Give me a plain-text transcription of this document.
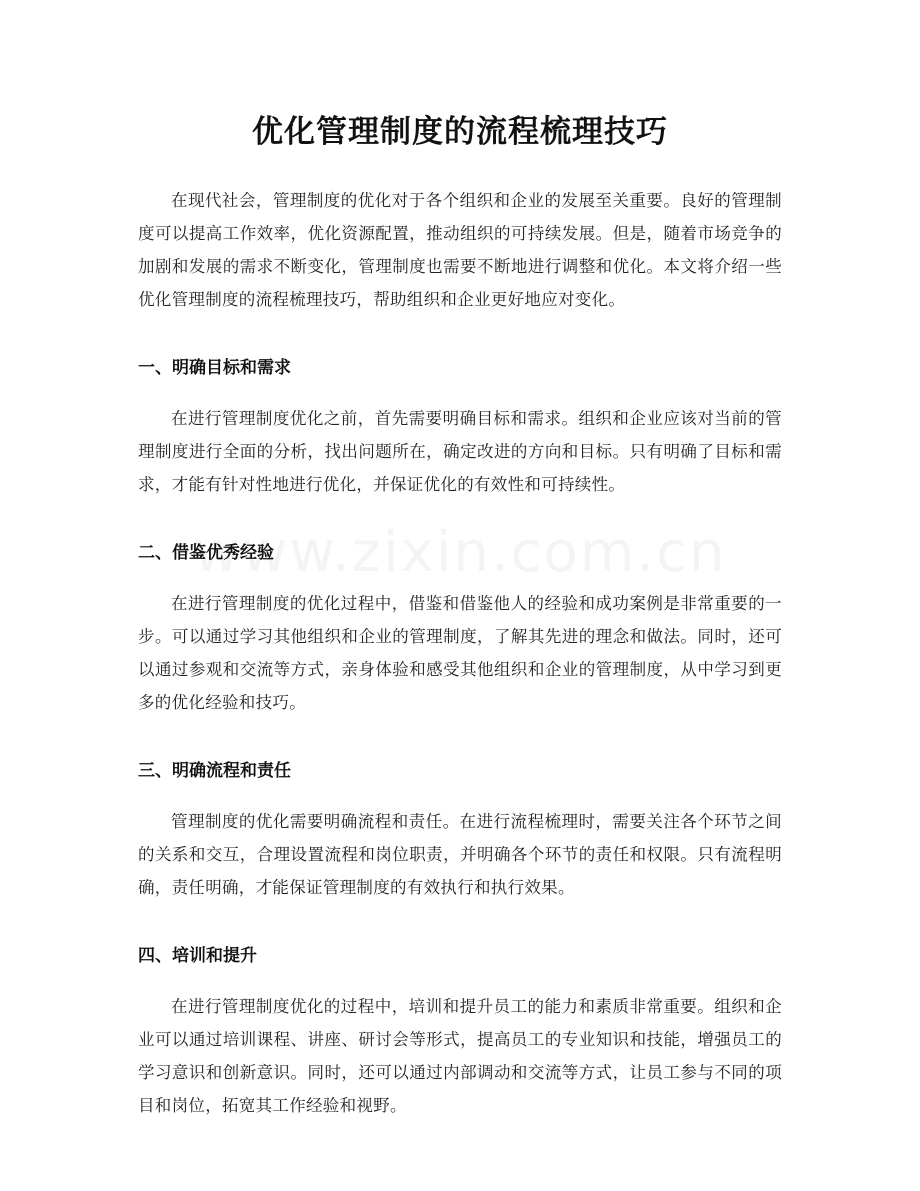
优化管理制度的流程梳理技巧

在现代社会，管理制度的优化对于各个组织和企业的发展至关重要。良好的管理制度可以提高工作效率，优化资源配置，推动组织的可持续发展。但是，随着市场竞争的加剧和发展的需求不断变化，管理制度也需要不断地进行调整和优化。本文将介绍一些优化管理制度的流程梳理技巧，帮助组织和企业更好地应对变化。

一、明确目标和需求

在进行管理制度优化之前，首先需要明确目标和需求。组织和企业应该对当前的管理制度进行全面的分析，找出问题所在，确定改进的方向和目标。只有明确了目标和需求，才能有针对性地进行优化，并保证优化的有效性和可持续性。

二、借鉴优秀经验

在进行管理制度的优化过程中，借鉴和借鉴他人的经验和成功案例是非常重要的一步。可以通过学习其他组织和企业的管理制度，了解其先进的理念和做法。同时，还可以通过参观和交流等方式，亲身体验和感受其他组织和企业的管理制度，从中学习到更多的优化经验和技巧。

三、明确流程和责任

管理制度的优化需要明确流程和责任。在进行流程梳理时，需要关注各个环节之间的关系和交互，合理设置流程和岗位职责，并明确各个环节的责任和权限。只有流程明确，责任明确，才能保证管理制度的有效执行和执行效果。

四、培训和提升

在进行管理制度优化的过程中，培训和提升员工的能力和素质非常重要。组织和企业可以通过培训课程、讲座、研讨会等形式，提高员工的专业知识和技能，增强员工的学习意识和创新意识。同时，还可以通过内部调动和交流等方式，让员工参与不同的项目和岗位，拓宽其工作经验和视野。
